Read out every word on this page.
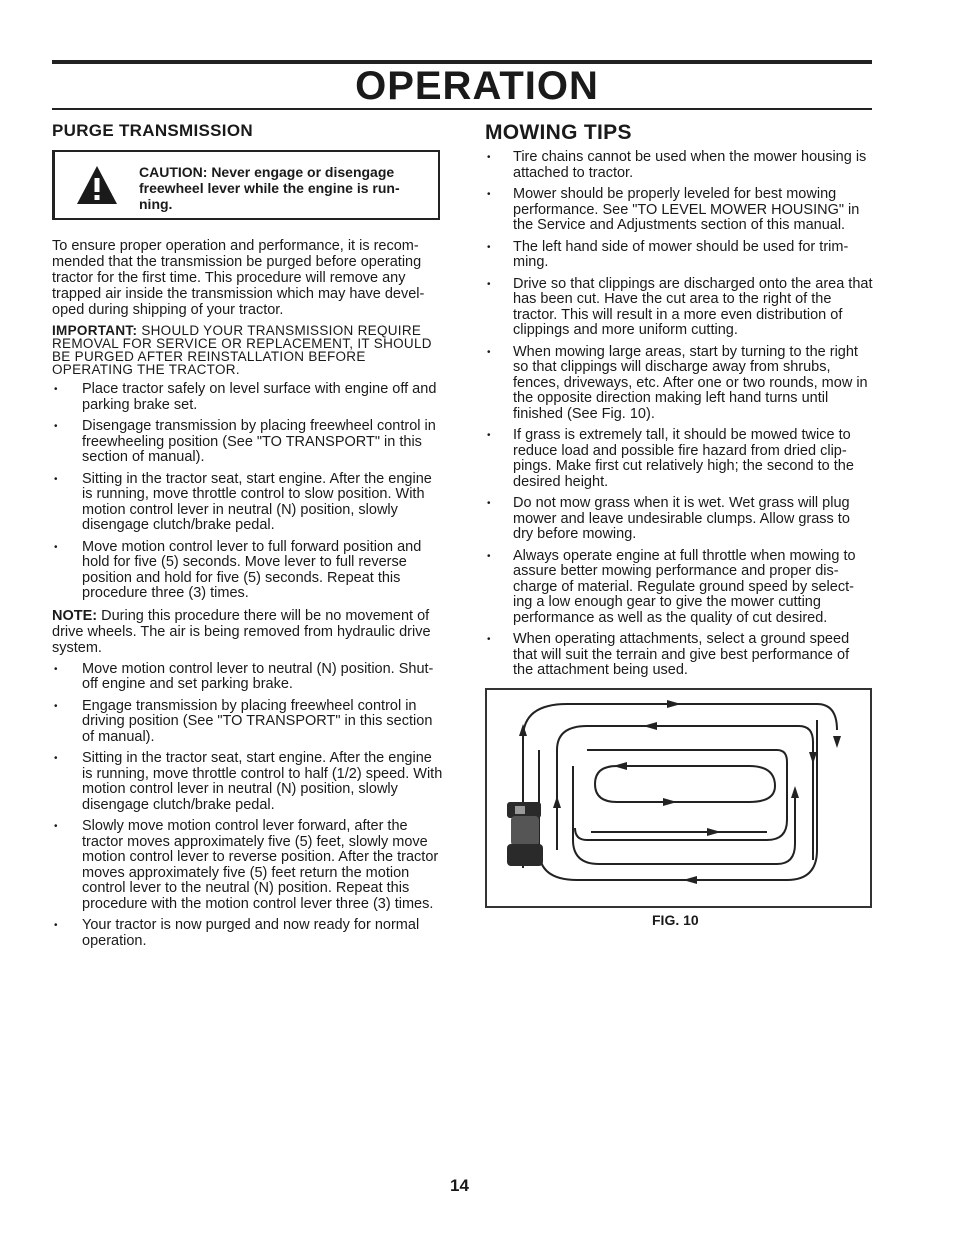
OPERATION
PURGE TRANSMISSION
CAUTION: Never engage or disengage freewheel lever while the engine is run- ning.

To ensure proper operation and performance, it is recom- mended that the transmission be purged before operating tractor for the first time. This procedure will remove any trapped air inside the transmission which may have devel- oped during shipping of your tractor.

IMPORTANT: SHOULD YOUR TRANSMISSION REQUIRE REMOVAL FOR SERVICE OR REPLACEMENT, IT SHOULD BE PURGED AFTER REINSTALLATION BEFORE OPERATING THE TRACTOR.

• Place tractor safely on level surface with engine off and parking brake set.
• Disengage transmission by placing freewheel control in freewheeling position (See "TO TRANSPORT" in this section of manual).
• Sitting in the tractor seat, start engine. After the engine is running, move throttle control to slow position. With motion control lever in neutral (N) position, slowly disengage clutch/brake pedal.
• Move motion control lever to full forward position and hold for five (5) seconds. Move lever to full reverse position and hold for five (5) seconds. Repeat this procedure three (3) times.

NOTE: During this procedure there will be no movement of drive wheels. The air is being removed from hydraulic drive system.

• Move motion control lever to neutral (N) position. Shut- off engine and set parking brake.
• Engage transmission by placing freewheel control in driving position (See "TO TRANSPORT" in this section of manual).
• Sitting in the tractor seat, start engine. After the engine is running, move throttle control to half (1/2) speed. With motion control lever in neutral (N) position, slowly disengage clutch/brake pedal.
• Slowly move motion control lever forward, after the tractor moves approximately five (5) feet, slowly move motion control lever to reverse position. After the tractor moves approximately five (5) feet return the motion control lever to the neutral (N) position. Repeat this procedure with the motion control lever three (3) times.
• Your tractor is now purged and now ready for normal operation.
MOWING TIPS
• Tire chains cannot be used when the mower housing is attached to tractor.
• Mower should be properly leveled for best mowing performance. See "TO LEVEL MOWER HOUSING" in the Service and Adjustments section of this manual.
• The left hand side of mower should be used for trim- ming.
• Drive so that clippings are discharged onto the area that has been cut. Have the cut area to the right of the tractor. This will result in a more even distribution of clippings and more uniform cutting.
• When mowing large areas, start by turning to the right so that clippings will discharge away from shrubs, fences, driveways, etc. After one or two rounds, mow in the opposite direction making left hand turns until finished (See Fig. 10).
• If grass is extremely tall, it should be mowed twice to reduce load and possible fire hazard from dried clip- pings. Make first cut relatively high; the second to the desired height.
• Do not mow grass when it is wet. Wet grass will plug mower and leave undesirable clumps. Allow grass to dry before mowing.
• Always operate engine at full throttle when mowing to assure better mowing performance and proper dis- charge of material. Regulate ground speed by select- ing a low enough gear to give the mower cutting performance as well as the quality of cut desired.
• When operating attachments, select a ground speed that will suit the terrain and give best performance of the attachment being used.
FIG. 10
14
